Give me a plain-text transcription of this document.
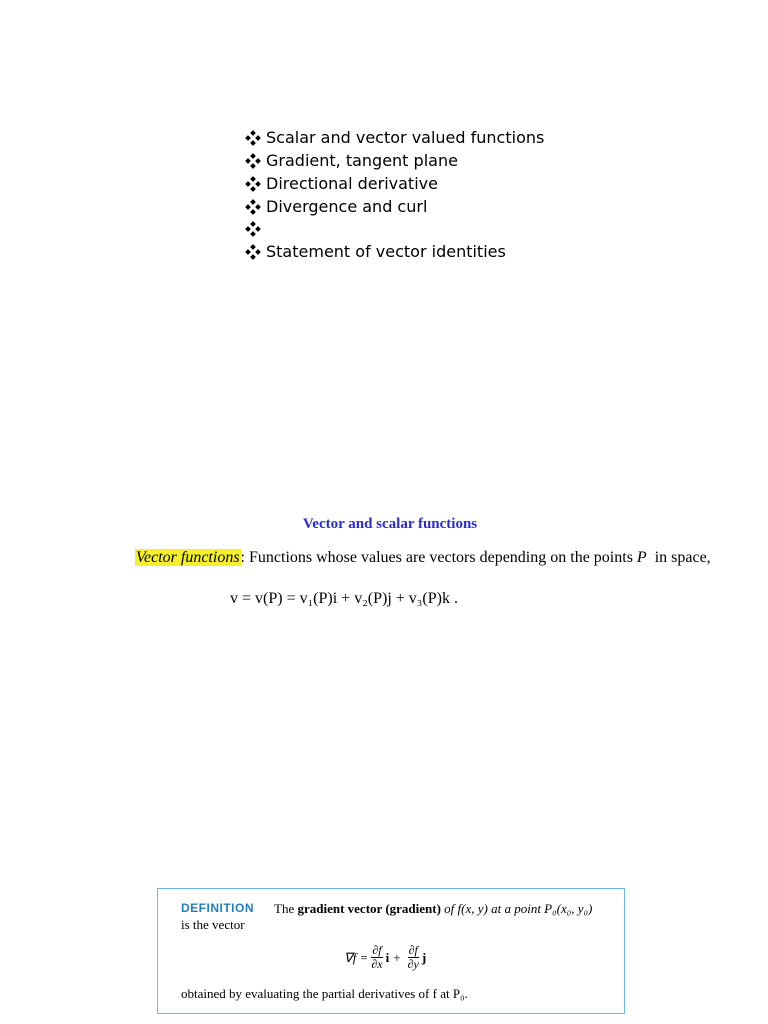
Scalar and vector valued functions
Gradient, tangent plane
Directional derivative
Divergence and curl
Statement of vector identities
Vector and scalar functions
Vector functions: Functions whose values are vectors depending on the points P in space,
v = v(P) = v₁(P)i + v₂(P)j + v₃(P)k .
DEFINITION The gradient vector (gradient) of f(x, y) at a point P₀(x₀, y₀)
is the vector
$\nabla f = \frac{\partial f}{\partial x}$ $i + \frac{\partial f}{\partial y}$ j
obtained by evaluating the partial derivatives of f at P₀.
